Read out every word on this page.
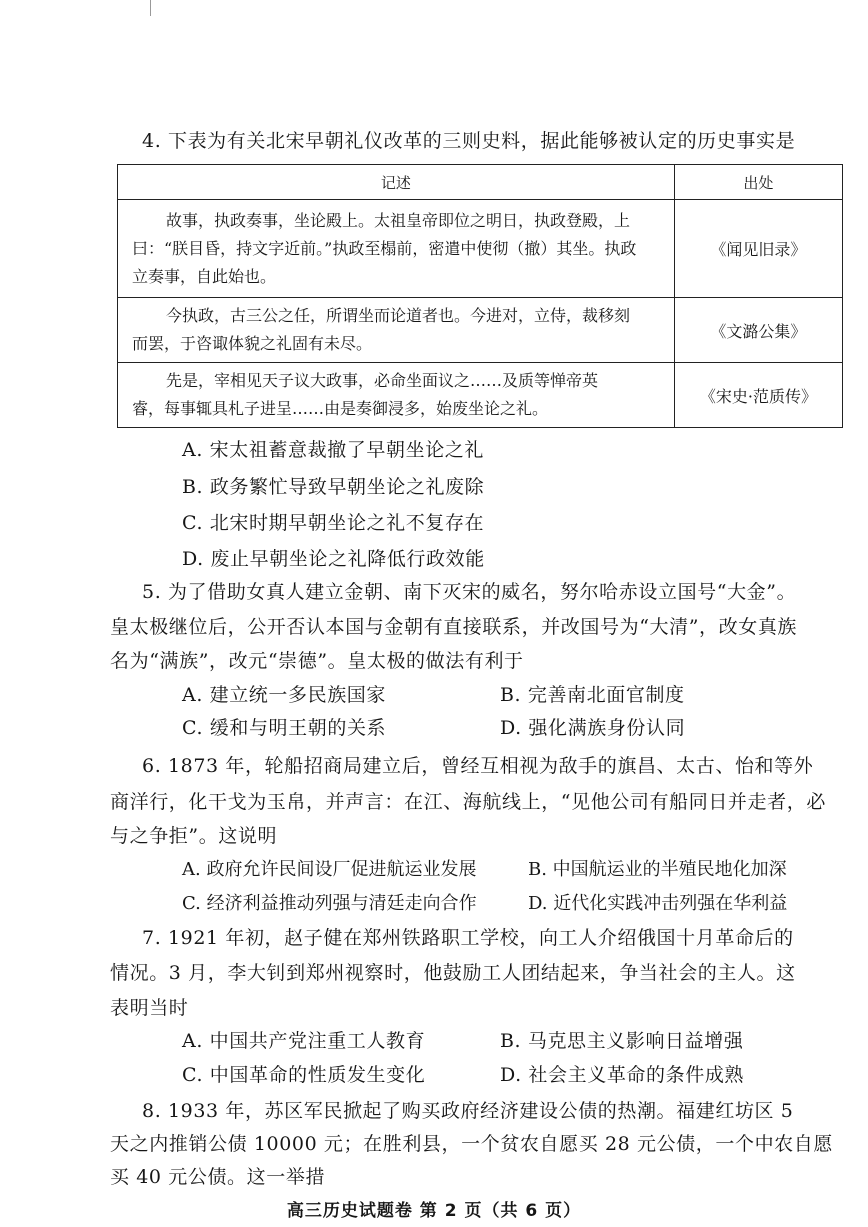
4. 下表为有关北宋早朝礼仪改革的三则史料，据此能够被认定的历史事实是
记述	出处

故事，执政奏事，坐论殿上。太祖皇帝即位之明日，执政登殿，上
曰：“朕目昏，持文字近前。”执政至榻前，密遣中使彻（撤）其坐。执政
立奏事，自此始也。	《闻见旧录》

今执政，古三公之任，所谓坐而论道者也。今进对，立侍，裁移刻
而罢，于咨诹体貌之礼固有未尽。	《文潞公集》

先是，宰相见天子议大政事，必命坐面议之……及质等惮帝英
睿，每事辄具札子进呈……由是奏御浸多，始废坐论之礼。	《宋史·范质传》
A. 宋太祖蓄意裁撤了早朝坐论之礼
B. 政务繁忙导致早朝坐论之礼废除
C. 北宋时期早朝坐论之礼不复存在
D. 废止早朝坐论之礼降低行政效能
5. 为了借助女真人建立金朝、南下灭宋的威名，努尔哈赤设立国号“大金”。
皇太极继位后，公开否认本国与金朝有直接联系，并改国号为“大清”，改女真族
名为“满族”，改元“崇德”。皇太极的做法有利于
A. 建立统一多民族国家	B. 完善南北面官制度
C. 缓和与明王朝的关系	D. 强化满族身份认同
6. 1873 年，轮船招商局建立后，曾经互相视为敌手的旗昌、太古、怡和等外
商洋行，化干戈为玉帛，并声言：在江、海航线上，“见他公司有船同日并走者，必
与之争拒”。这说明
A. 政府允许民间设厂促进航运业发展	B. 中国航运业的半殖民地化加深
C. 经济利益推动列强与清廷走向合作	D. 近代化实践冲击列强在华利益
7. 1921 年初，赵子健在郑州铁路职工学校，向工人介绍俄国十月革命后的
情况。3 月，李大钊到郑州视察时，他鼓励工人团结起来，争当社会的主人。这
表明当时
A. 中国共产党注重工人教育	B. 马克思主义影响日益增强
C. 中国革命的性质发生变化	D. 社会主义革命的条件成熟
8. 1933 年，苏区军民掀起了购买政府经济建设公债的热潮。福建红坊区 5
天之内推销公债 10000 元；在胜利县，一个贫农自愿买 28 元公债，一个中农自愿
买 40 元公债。这一举措
高三历史试题卷 第 2 页（共 6 页）
